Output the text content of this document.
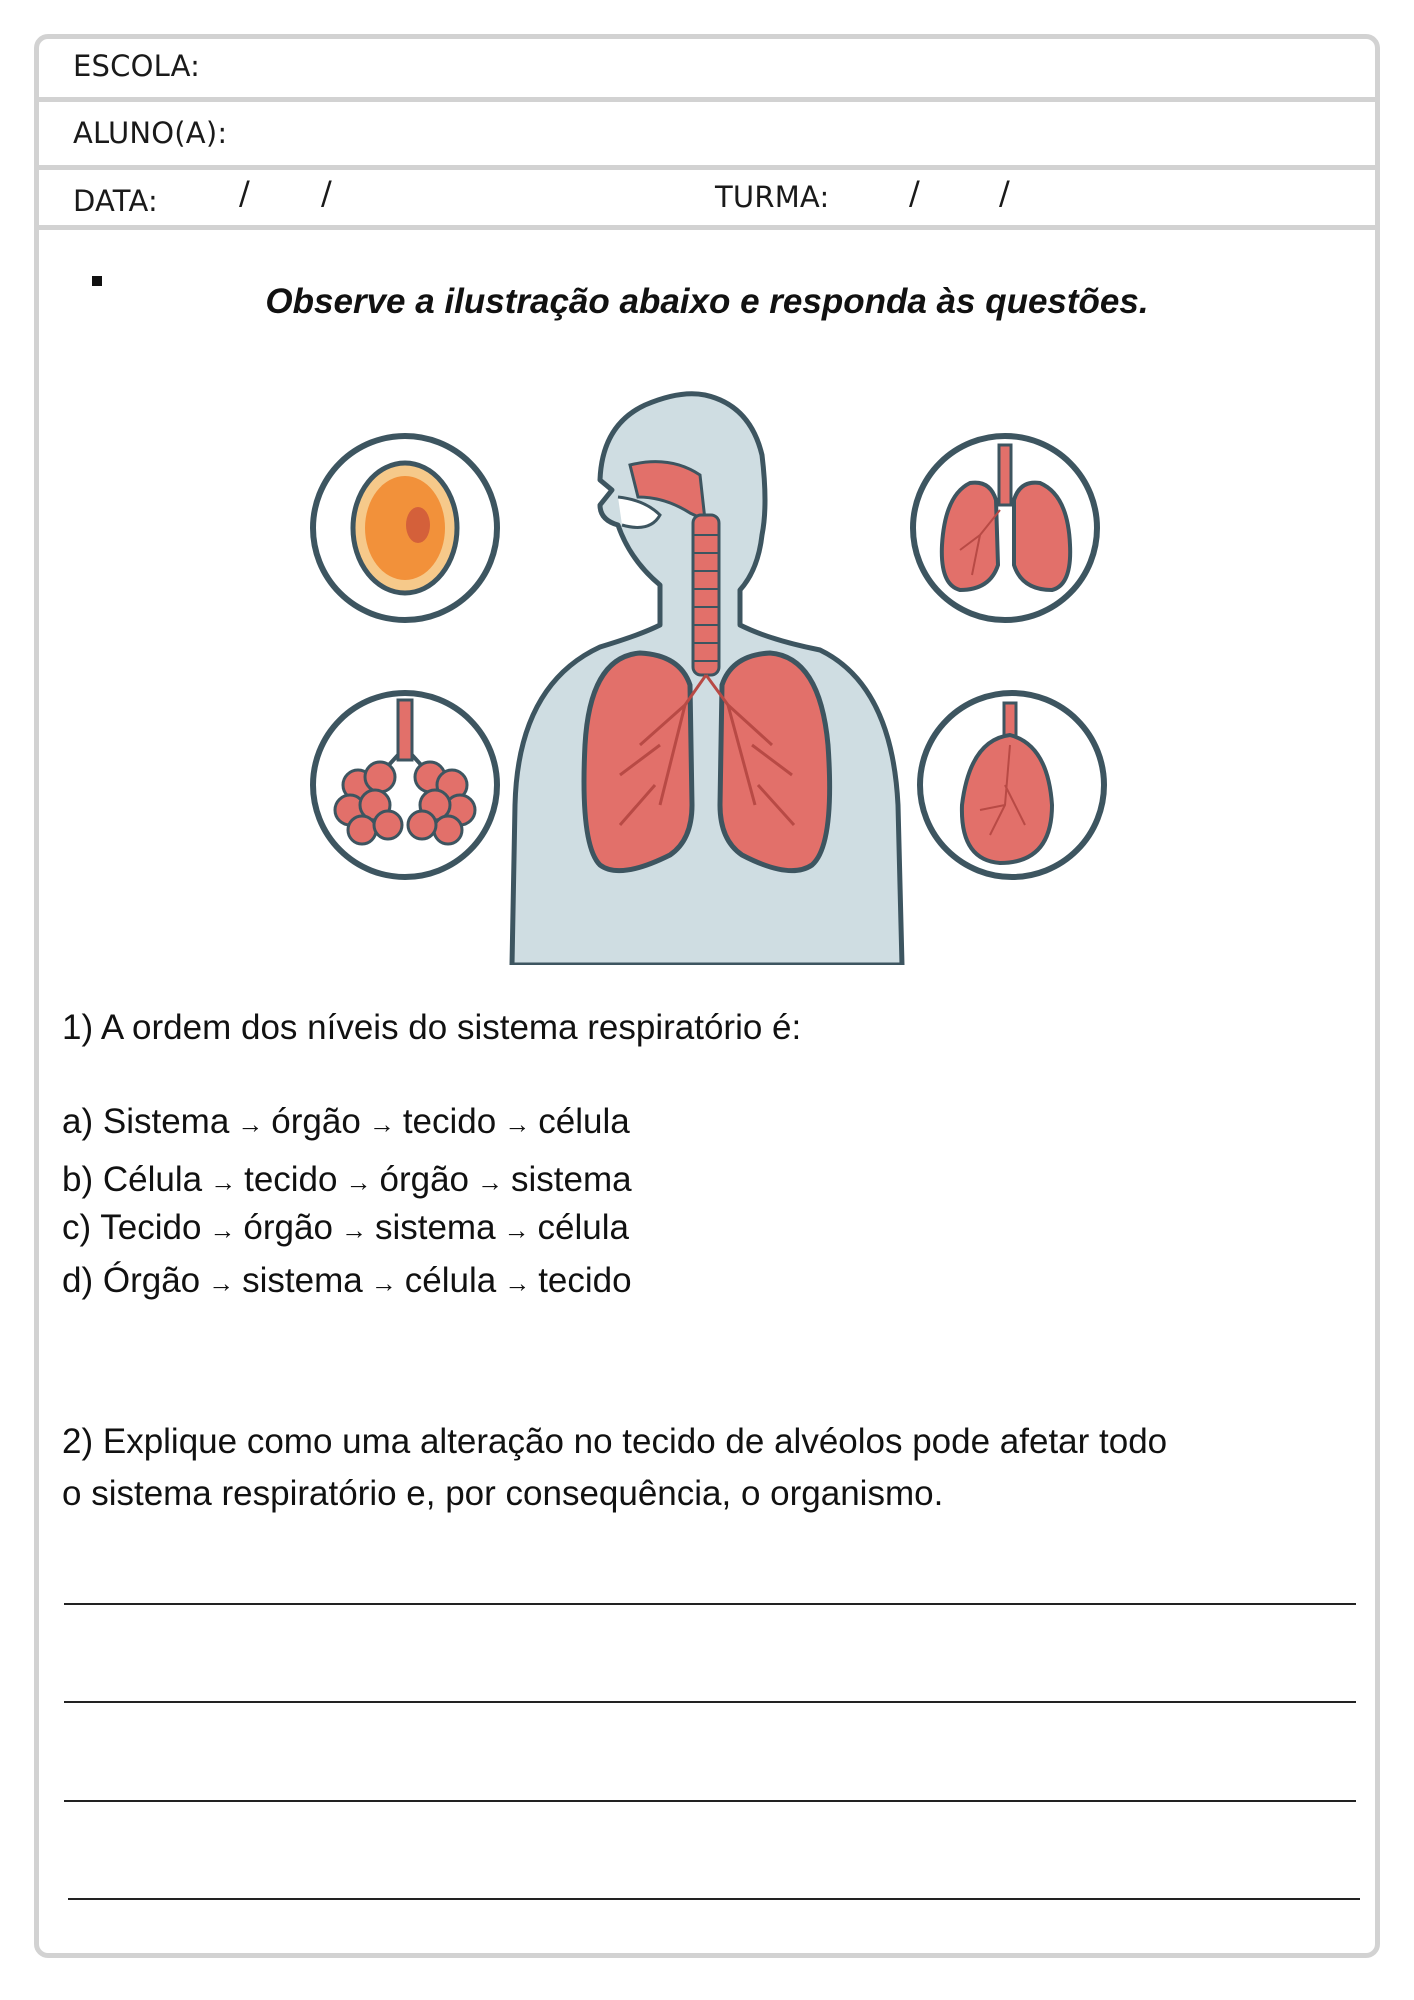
ESCOLA:
ALUNO(A):
DATA:	/ /	TURMA: / /
Observe a ilustração abaixo e responda às questões.
1) A ordem dos níveis do sistema respiratório é:
a) Sistema → órgão → tecido → célula
b) Célula → tecido → órgão → sistema
c) Tecido → órgão → sistema → célula
d) Órgão → sistema → célula → tecido
2) Explique como uma alteração no tecido de alvéolos pode afetar todo
o sistema respiratório e, por consequência, o organismo.
